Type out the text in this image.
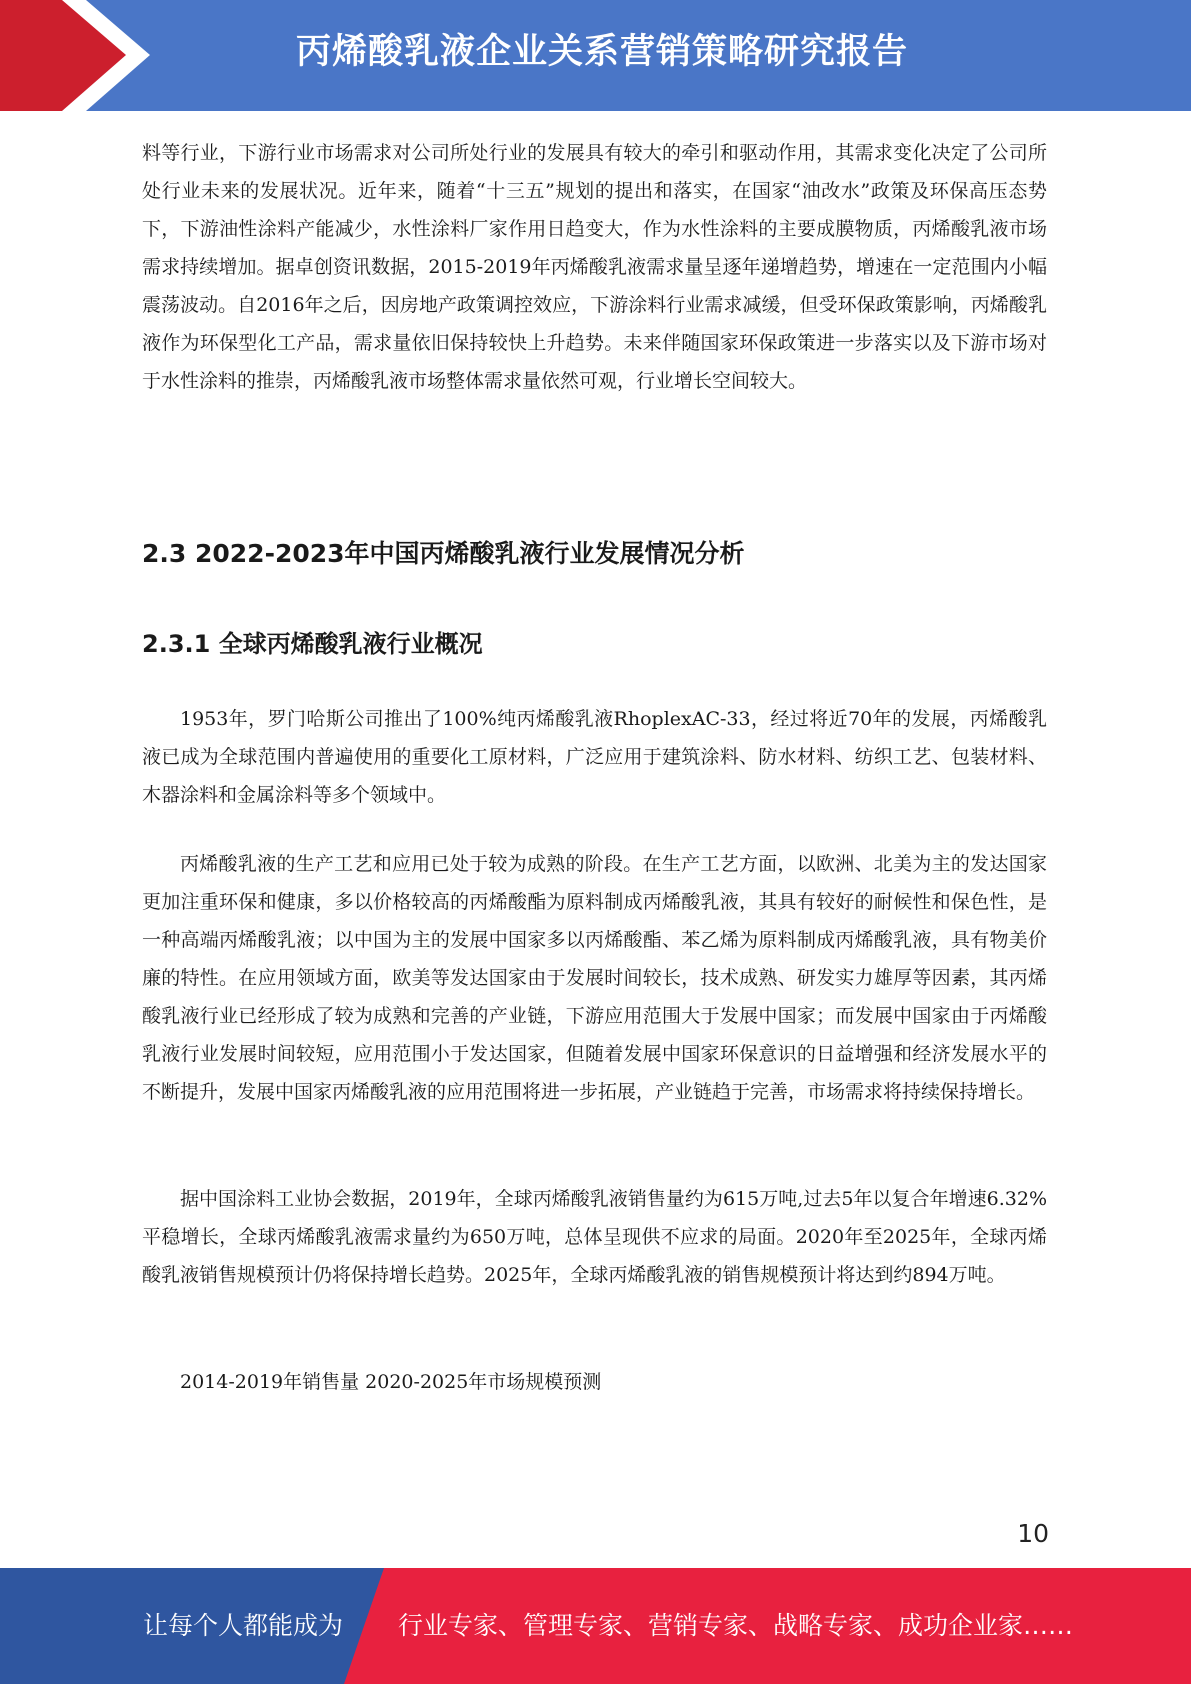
丙烯酸乳液企业关系营销策略研究报告

料等行业，下游行业市场需求对公司所处行业的发展具有较大的牵引和驱动作用，其需求变化决定了公司所处行业未来的发展状况。近年来，随着“十三五”规划的提出和落实，在国家“油改水”政策及环保高压态势下，下游油性涂料产能减少，水性涂料厂家作用日趋变大，作为水性涂料的主要成膜物质，丙烯酸乳液市场需求持续增加。据卓创资讯数据，2015-2019年丙烯酸乳液需求量呈逐年递增趋势，增速在一定范围内小幅震荡波动。自2016年之后，因房地产政策调控效应，下游涂料行业需求减缓，但受环保政策影响，丙烯酸乳液作为环保型化工产品，需求量依旧保持较快上升趋势。未来伴随国家环保政策进一步落实以及下游市场对于水性涂料的推崇，丙烯酸乳液市场整体需求量依然可观，行业增长空间较大。

2.3 2022-2023年中国丙烯酸乳液行业发展情况分析
2.3.1 全球丙烯酸乳液行业概况

1953年，罗门哈斯公司推出了100%纯丙烯酸乳液RhoplexAC-33，经过将近70年的发展，丙烯酸乳液已成为全球范围内普遍使用的重要化工原材料，广泛应用于建筑涂料、防水材料、纺织工艺、包装材料、木器涂料和金属涂料等多个领域中。

丙烯酸乳液的生产工艺和应用已处于较为成熟的阶段。在生产工艺方面，以欧洲、北美为主的发达国家更加注重环保和健康，多以价格较高的丙烯酸酯为原料制成丙烯酸乳液，其具有较好的耐候性和保色性，是一种高端丙烯酸乳液；以中国为主的发展中国家多以丙烯酸酯、苯乙烯为原料制成丙烯酸乳液，具有物美价廉的特性。在应用领域方面，欧美等发达国家由于发展时间较长，技术成熟、研发实力雄厚等因素，其丙烯酸乳液行业已经形成了较为成熟和完善的产业链，下游应用范围大于发展中国家；而发展中国家由于丙烯酸乳液行业发展时间较短，应用范围小于发达国家，但随着发展中国家环保意识的日益增强和经济发展水平的不断提升，发展中国家丙烯酸乳液的应用范围将进一步拓展，产业链趋于完善，市场需求将持续保持增长。

据中国涂料工业协会数据，2019年，全球丙烯酸乳液销售量约为615万吨,过去5年以复合年增速6.32%平稳增长，全球丙烯酸乳液需求量约为650万吨，总体呈现供不应求的局面。2020年至2025年，全球丙烯酸乳液销售规模预计仍将保持增长趋势。2025年，全球丙烯酸乳液的销售规模预计将达到约894万吨。

2014-2019年销售量 2020-2025年市场规模预测

10
让每个人都能成为 行业专家、管理专家、营销专家、战略专家、成功企业家……
